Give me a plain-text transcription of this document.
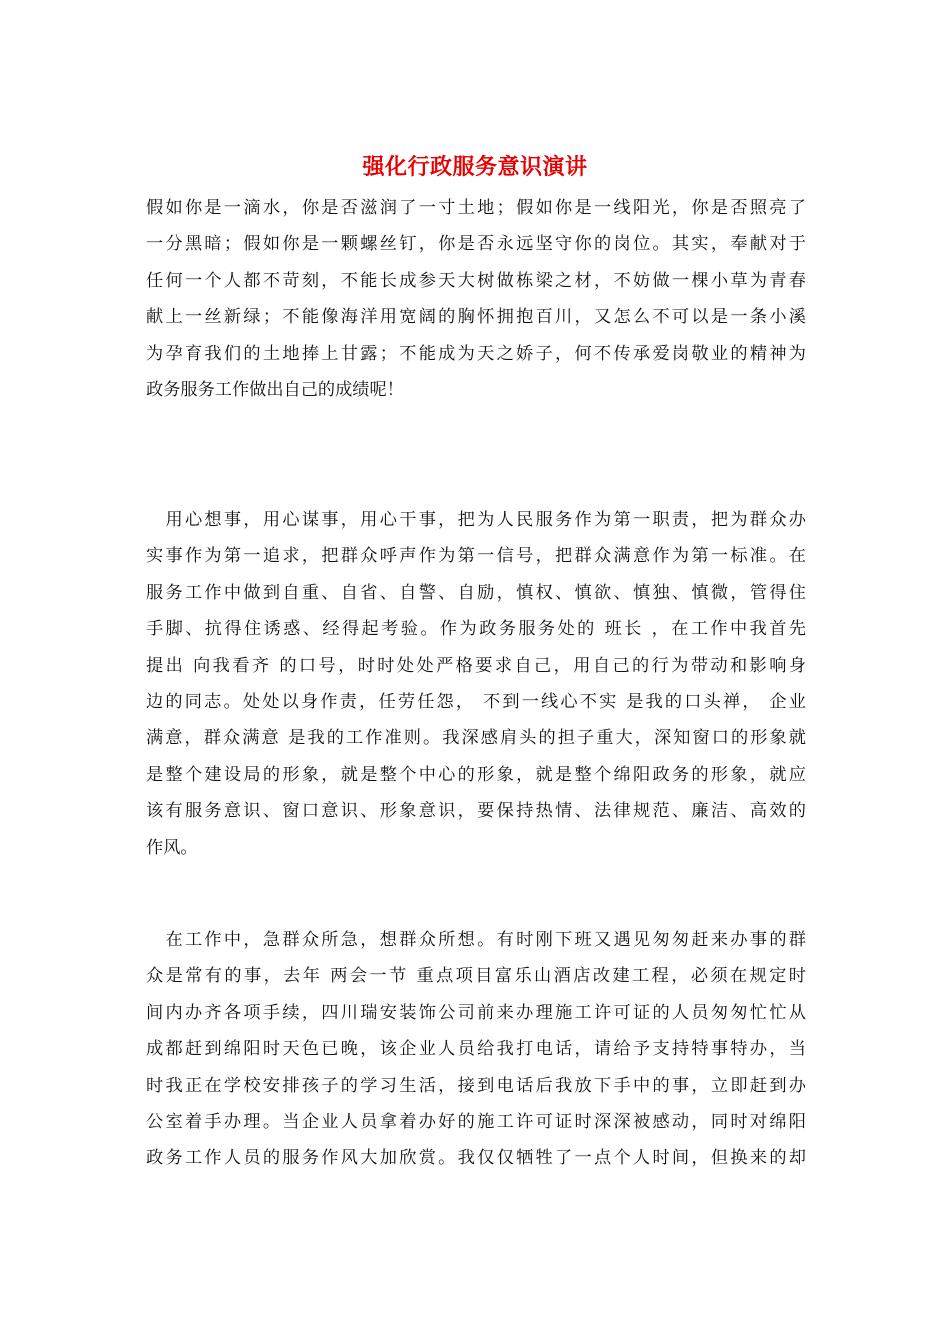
强化行政服务意识演讲
假如你是一滴水，你是否滋润了一寸土地；假如你是一线阳光，你是否照亮了
一分黑暗；假如你是一颗螺丝钉，你是否永远坚守你的岗位。其实，奉献对于
任何一个人都不苛刻，不能长成参天大树做栋梁之材，不妨做一棵小草为青春
献上一丝新绿；不能像海洋用宽阔的胸怀拥抱百川，又怎么不可以是一条小溪
为孕育我们的土地捧上甘露；不能成为天之娇子，何不传承爱岗敬业的精神为
政务服务工作做出自己的成绩呢！
　用心想事，用心谋事，用心干事，把为人民服务作为第一职责，把为群众办
实事作为第一追求，把群众呼声作为第一信号，把群众满意作为第一标准。在
服务工作中做到自重、自省、自警、自励，慎权、慎欲、慎独、慎微，管得住
手脚、抗得住诱惑、经得起考验。作为政务服务处的 班长 ，在工作中我首先
提出 向我看齐 的口号，时时处处严格要求自己，用自己的行为带动和影响身
边的同志。处处以身作责，任劳任怨， 不到一线心不实 是我的口头禅， 企业
满意，群众满意 是我的工作准则。我深感肩头的担子重大，深知窗口的形象就
是整个建设局的形象，就是整个中心的形象，就是整个绵阳政务的形象，就应
该有服务意识、窗口意识、形象意识，要保持热情、法律规范、廉洁、高效的
作风。
　在工作中，急群众所急，想群众所想。有时刚下班又遇见匆匆赶来办事的群
众是常有的事，去年 两会一节 重点项目富乐山酒店改建工程，必须在规定时
间内办齐各项手续，四川瑞安装饰公司前来办理施工许可证的人员匆匆忙忙从
成都赶到绵阳时天色已晚，该企业人员给我打电话，请给予支持特事特办，当
时我正在学校安排孩子的学习生活，接到电话后我放下手中的事，立即赶到办
公室着手办理。当企业人员拿着办好的施工许可证时深深被感动，同时对绵阳
政务工作人员的服务作风大加欣赏。我仅仅牺牲了一点个人时间，但换来的却
